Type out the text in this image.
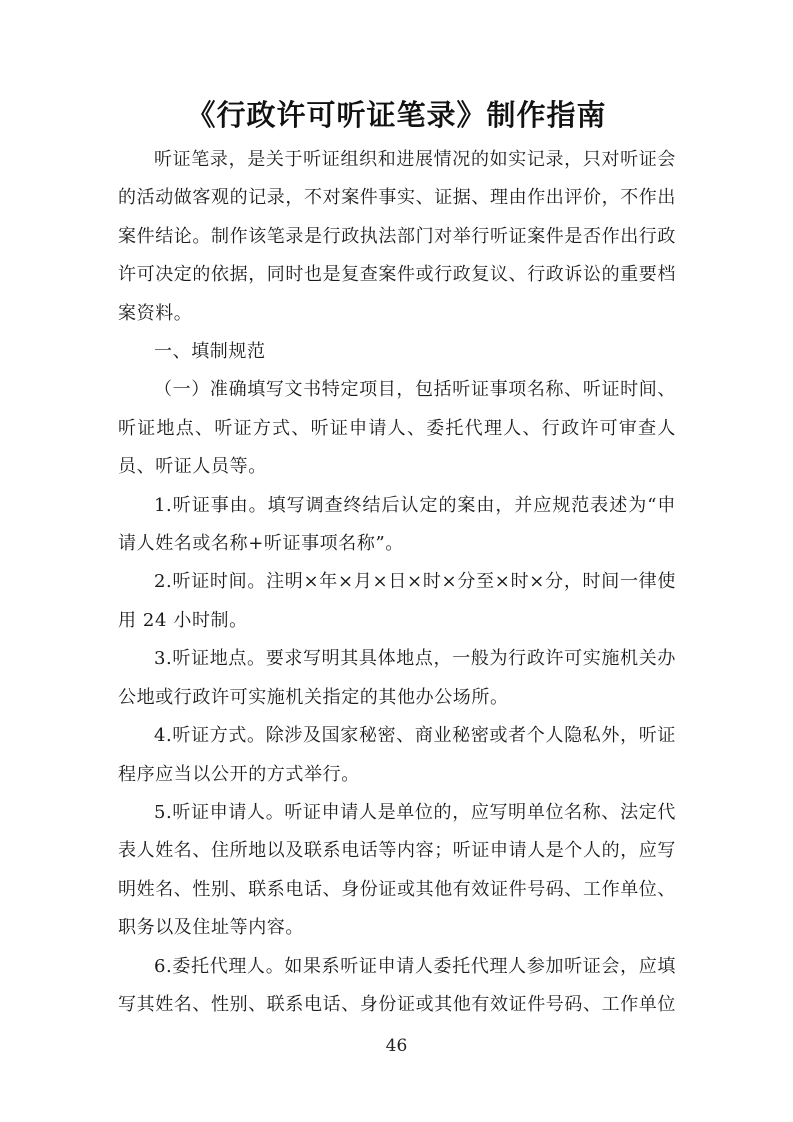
《行政许可听证笔录》制作指南

听证笔录，是关于听证组织和进展情况的如实记录，只对听证会的活动做客观的记录，不对案件事实、证据、理由作出评价，不作出案件结论。制作该笔录是行政执法部门对举行听证案件是否作出行政许可决定的依据，同时也是复查案件或行政复议、行政诉讼的重要档案资料。

一、填制规范

（一）准确填写文书特定项目，包括听证事项名称、听证时间、听证地点、听证方式、听证申请人、委托代理人、行政许可审查人员、听证人员等。

1.听证事由。填写调查终结后认定的案由，并应规范表述为“申请人姓名或名称+听证事项名称”。

2.听证时间。注明×年×月×日×时×分至×时×分，时间一律使用 24 小时制。

3.听证地点。要求写明其具体地点，一般为行政许可实施机关办公地或行政许可实施机关指定的其他办公场所。

4.听证方式。除涉及国家秘密、商业秘密或者个人隐私外，听证程序应当以公开的方式举行。

5.听证申请人。听证申请人是单位的，应写明单位名称、法定代表人姓名、住所地以及联系电话等内容；听证申请人是个人的，应写明姓名、性别、联系电话、身份证或其他有效证件号码、工作单位、职务以及住址等内容。

6.委托代理人。如果系听证申请人委托代理人参加听证会，应填写其姓名、性别、联系电话、身份证或其他有效证件号码、工作单位

46
